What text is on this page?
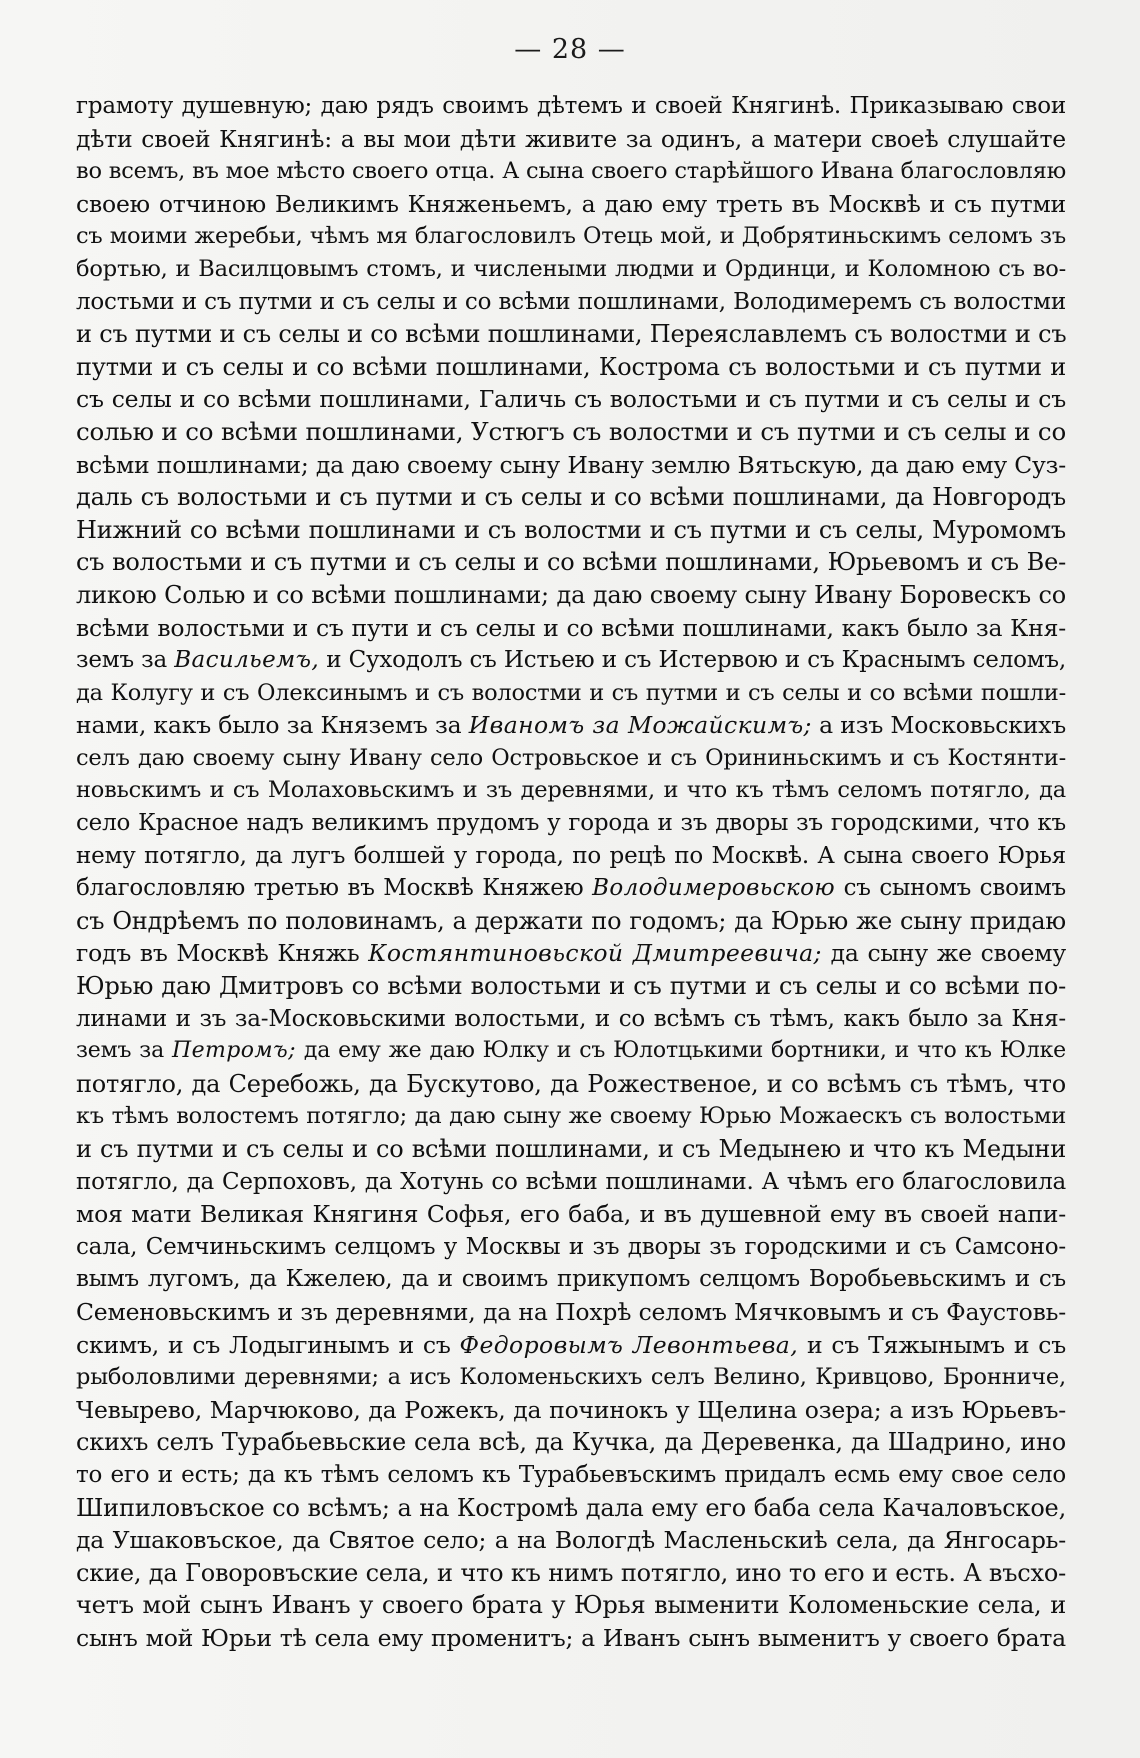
— 28 —
грамоту душевную; даю рядъ своимъ дѣтемъ и своей Княгинѣ. Приказываю свои
дѣти своей Княгинѣ: а вы мои дѣти живите за одинъ, а матери своеѣ слушайте
во всемъ, въ мое мѣсто своего отца. А сына своего старѣйшого Ивана благословляю
своею отчиною Великимъ Княженьемъ, а даю ему треть въ Москвѣ и съ путми
съ моими жеребьи, чѣмъ мя благословилъ Отець мой, и Добрятиньскимъ селомъ зъ
бортью, и Василцовымъ стомъ, и числеными людми и Ординци, и Коломною съ во-
лостьми и съ путми и съ селы и со всѣми пошлинами, Володимеремъ съ волостми
и съ путми и съ селы и со всѣми пошлинами, Переяславлемъ съ волостми и съ
путми и съ селы и со всѣми пошлинами, Кострома съ волостьми и съ путми и
съ селы и со всѣми пошлинами, Галичь съ волостьми и съ путми и съ селы и съ
солью и со всѣми пошлинами, Устюгъ съ волостми и съ путми и съ селы и со
всѣми пошлинами; да даю своему сыну Ивану землю Вятьскую, да даю ему Суз-
даль съ волостьми и съ путми и съ селы и со всѣми пошлинами, да Новгородъ
Нижний со всѣми пошлинами и съ волостми и съ путми и съ селы, Муромомъ
съ волостьми и съ путми и съ селы и со всѣми пошлинами, Юрьевомъ и съ Ве-
ликою Солью и со всѣми пошлинами; да даю своему сыну Ивану Боровескъ со
всѣми волостьми и съ пути и съ селы и со всѣми пошлинами, какъ было за Кня-
земъ за Васильемъ, и Суходолъ съ Истьею и съ Истервою и съ Краснымъ селомъ,
да Колугу и съ Олексинымъ и съ волостми и съ путми и съ селы и со всѣми пошли-
нами, какъ было за Княземъ за Иваномъ за Можайскимъ; а изъ Московьскихъ
селъ даю своему сыну Ивану село Островьское и съ Орининьскимъ и съ Костянти-
новьскимъ и съ Молаховьскимъ и зъ деревнями, и что къ тѣмъ селомъ потягло, да
село Красное надъ великимъ прудомъ у города и зъ дворы зъ городскими, что къ
нему потягло, да лугъ болшей у города, по рецѣ по Москвѣ. А сына своего Юрья
благословляю третью въ Москвѣ Княжею Володимеровьскою съ сыномъ своимъ
съ Ондрѣемъ по половинамъ, а держати по годомъ; да Юрью же сыну придаю
годъ въ Москвѣ Княжь Костянтиновьской Дмитреевича; да сыну же своему
Юрью даю Дмитровъ со всѣми волостьми и съ путми и съ селы и со всѣми по-
линами и зъ за-Московьскими волостьми, и со всѣмъ съ тѣмъ, какъ было за Кня-
земъ за Петромъ; да ему же даю Юлку и съ Юлотцькими бортники, и что къ Юлке
потягло, да Серебожь, да Бускутово, да Рожественое, и со всѣмъ съ тѣмъ, что
къ тѣмъ волостемъ потягло; да даю сыну же своему Юрью Можаескъ съ волостьми
и съ путми и съ селы и со всѣми пошлинами, и съ Медынею и что къ Медыни
потягло, да Серпоховъ, да Хотунь со всѣми пошлинами. А чѣмъ его благословила
моя мати Великая Княгиня Софья, его баба, и въ душевной ему въ своей напи-
сала, Семчиньскимъ селцомъ у Москвы и зъ дворы зъ городскими и съ Самсоно-
вымъ лугомъ, да Кжелею, да и своимъ прикупомъ селцомъ Воробьевьскимъ и съ
Семеновьскимъ и зъ деревнями, да на Похрѣ селомъ Мячковымъ и съ Фаустовь-
скимъ, и съ Лодыгинымъ и съ Федоровымъ Левонтьева, и съ Тяжынымъ и съ
рыболовлими деревнями; а исъ Коломеньскихъ селъ Велино, Кривцово, Бронниче,
Чевырево, Марчюково, да Рожекъ, да починокъ у Щелина озера; а изъ Юрьевъ-
скихъ селъ Турабьевьские села всѣ, да Кучка, да Деревенка, да Шадрино, ино
то его и есть; да къ тѣмъ селомъ къ Турабьевъскимъ придалъ есмь ему свое село
Шипиловъское со всѣмъ; а на Костромѣ дала ему его баба села Качаловъское,
да Ушаковъское, да Святое село; а на Вологдѣ Масленьскиѣ села, да Янгосарь-
ские, да Говоровъские села, и что къ нимъ потягло, ино то его и есть. А въсхо-
четъ мой сынъ Иванъ у своего брата у Юрья выменити Коломеньские села, и
сынъ мой Юрьи тѣ села ему променитъ; а Иванъ сынъ выменитъ у своего брата
